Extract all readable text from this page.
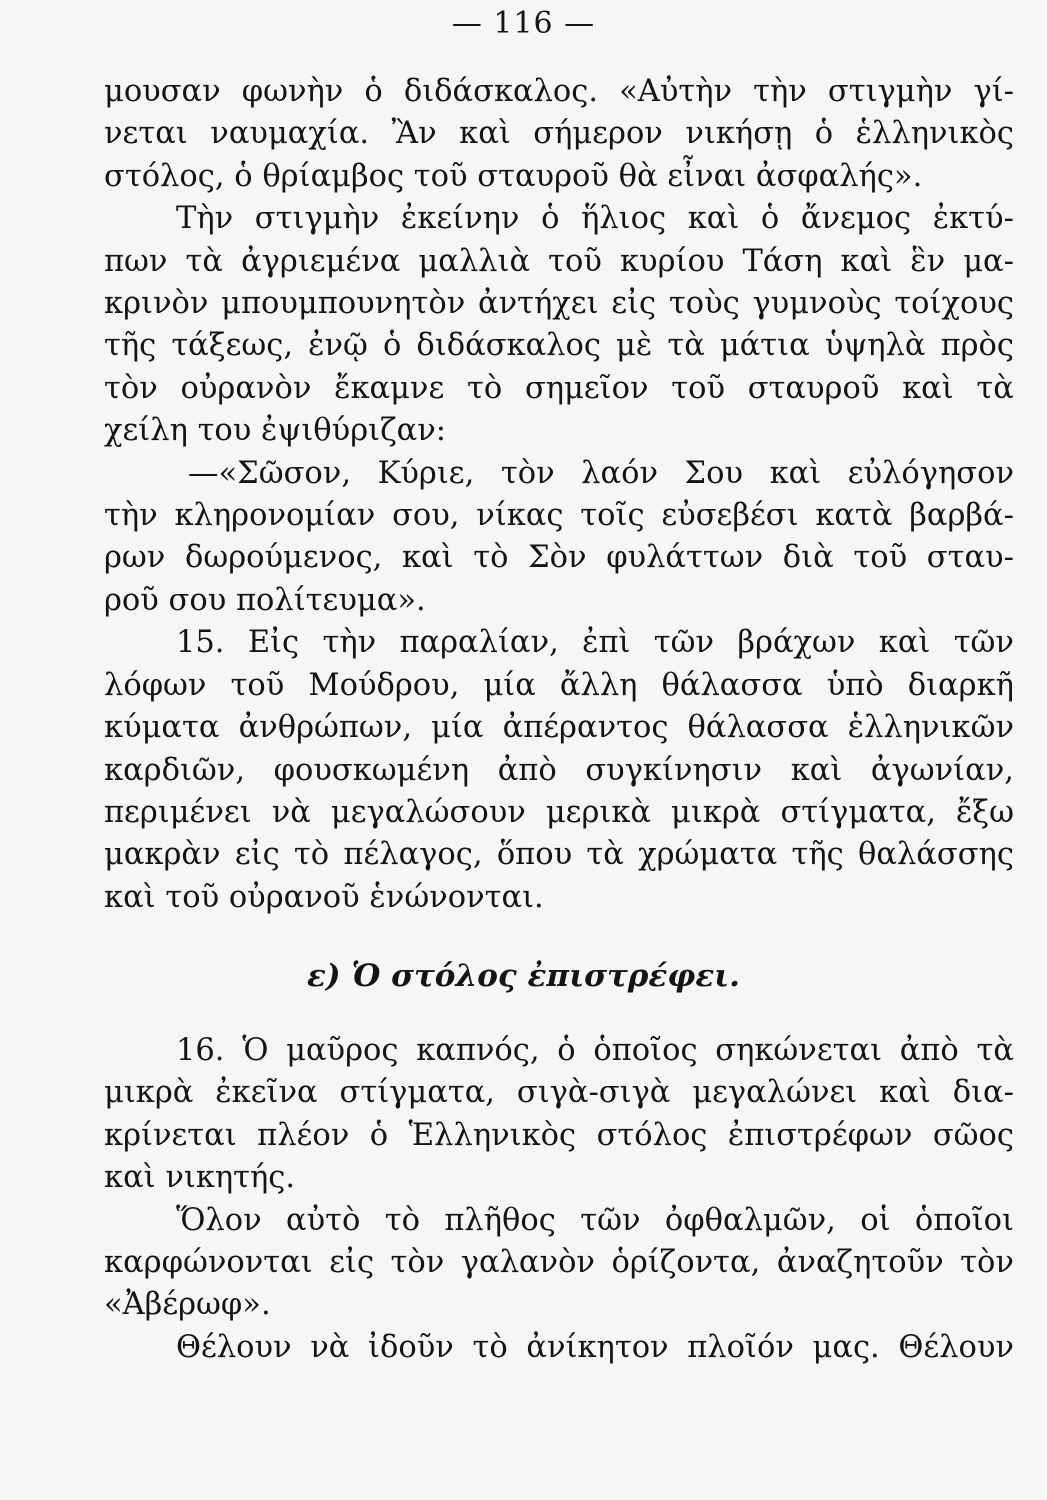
— 116 —
μουσαν φωνὴν ὁ διδάσκαλος. «Αὐτὴν τὴν στιγμὴν γί-
νεται ναυμαχία. Ἂν καὶ σήμερον νικήσῃ ὁ ἑλληνικὸς
στόλος,
ὁ
θρίαμβος
τοῦ
σταυροῦ
θὰ
εἶναι
ἀσφαλής».
Τὴν στιγμὴν ἐκείνην ὁ ἥλιος καὶ ὁ ἄνεμος ἐκτύ-
πων τὰ ἀγριεμένα μαλλιὰ τοῦ κυρίου Τάση καὶ ἓν μα-
κρινὸν μπουμπουνητὸν ἀντήχει εἰς τοὺς γυμνοὺς τοίχους
τῆς τάξεως, ἐνῷ ὁ διδάσκαλος μὲ τὰ μάτια ὑψηλὰ πρὸς
τὸν οὐρανὸν ἔκαμνε τὸ σημεῖον τοῦ σταυροῦ καὶ τὰ
χείλη
του
ἐψιθύριζαν:
—«Σῶσον, Κύριε, τὸν λαόν Σου καὶ εὐλόγησον
τὴν κληρονομίαν σου, νίκας τοῖς εὐσεβέσι κατὰ βαρβά-
ρων δωρούμενος, καὶ τὸ Σὸν φυλάττων διὰ τοῦ σταυ-
ροῦ
σου
πολίτευμα».
15. Εἰς τὴν παραλίαν, ἐπὶ τῶν βράχων καὶ τῶν
λόφων τοῦ Μούδρου, μία ἄλλη θάλασσα ὑπὸ διαρκῆ
κύματα ἀνθρώπων, μία ἀπέραντος θάλασσα ἑλληνικῶν
καρδιῶν, φουσκωμένη ἀπὸ συγκίνησιν καὶ ἀγωνίαν,
περιμένει νὰ μεγαλώσουν μερικὰ μικρὰ στίγματα, ἔξω
μακρὰν εἰς τὸ πέλαγος, ὅπου τὰ χρώματα τῆς θαλάσσης
καὶ
τοῦ
οὐρανοῦ
ἑνώνονται.
ε) Ὁ στόλος ἐπιστρέφει.
16. Ὁ μαῦρος καπνός, ὁ ὁποῖος σηκώνεται ἀπὸ τὰ
μικρὰ ἐκεῖνα στίγματα, σιγὰ-σιγὰ μεγαλώνει καὶ δια-
κρίνεται πλέον ὁ Ἑλληνικὸς στόλος ἐπιστρέφων σῶος
καὶ
νικητής.
Ὅλον αὐτὸ τὸ πλῆθος τῶν ὀφθαλμῶν, οἱ ὁποῖοι
καρφώνονται εἰς τὸν γαλανὸν ὁρίζοντα, ἀναζητοῦν τὸν
«Ἀβέρωφ».
Θέλουν νὰ ἰδοῦν τὸ ἀνίκητον πλοῖόν μας. Θέλουν
